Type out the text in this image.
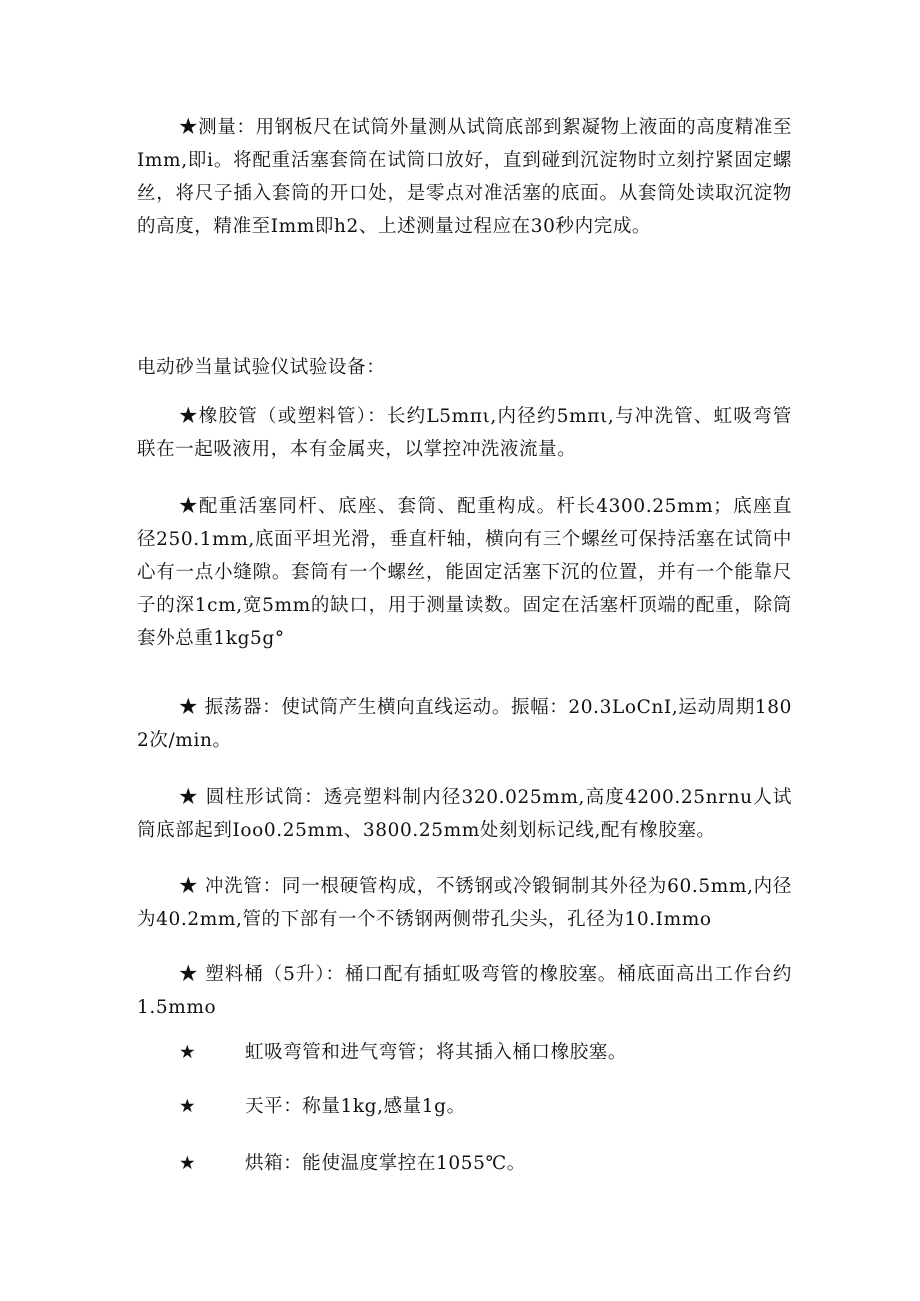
★测量：用钢板尺在试筒外量测从试筒底部到絮凝物上液面的高度精准至Imm,即i。将配重活塞套筒在试筒口放好，直到碰到沉淀物时立刻拧紧固定螺丝，将尺子插入套筒的开口处，是零点对准活塞的底面。从套筒处读取沉淀物的高度，精准至Imm即h2、上述测量过程应在30秒内完成。

电动砂当量试验仪试验设备：

★橡胶管（或塑料管）：长约L5mπι,内径约5mπι,与冲洗管、虹吸弯管联在一起吸液用，本有金属夹，以掌控冲洗液流量。

★配重活塞同杆、底座、套筒、配重构成。杆长4300.25mm；底座直径250.1mm,底面平坦光滑，垂直杆轴，横向有三个螺丝可保持活塞在试筒中心有一点小缝隙。套筒有一个螺丝，能固定活塞下沉的位置，并有一个能靠尺子的深1cm,宽5mm的缺口，用于测量读数。固定在活塞杆顶端的配重，除筒套外总重1kg5g°

★ 振荡器：使试筒产生横向直线运动。振幅：20.3LoCnI,运动周期1802次/min。

★ 圆柱形试筒：透亮塑料制内径320.025mm,高度4200.25nrnu人试筒底部起到Ioo0.25mm、3800.25mm处刻划标记线,配有橡胶塞。

★ 冲洗管：同一根硬管构成，不锈钢或冷锻铜制其外径为60.5mm,内径为40.2mm,管的下部有一个不锈钢两侧带孔尖头，孔径为10.Immo

★ 塑料桶（5升）：桶口配有插虹吸弯管的橡胶塞。桶底面高出工作台约1.5mmo

★	虹吸弯管和进气弯管；将其插入桶口橡胶塞。
★	天平：称量1kg,感量1g。
★	烘箱：能使温度掌控在1055℃。
